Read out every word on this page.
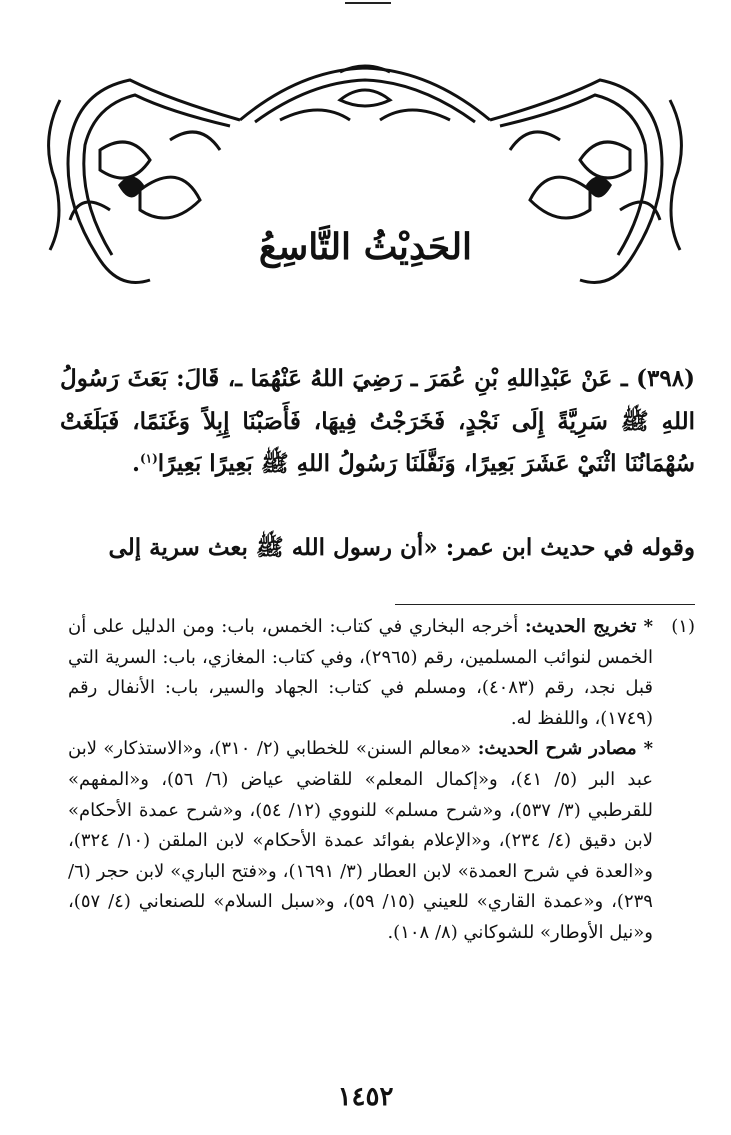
الحَدِيْثُ التَّاسِعُ
(٣٩٨) ـ عَنْ عَبْدِاللهِ بْنِ عُمَرَ ـ رَضِيَ اللهُ عَنْهُمَا ـ، قَالَ: بَعَثَ رَسُولُ اللهِ ﷺ سَرِيَّةً إِلَى نَجْدٍ، فَخَرَجْتُ فِيهَا، فَأَصَبْنَا إِبِلاً وَغَنَمًا، فَبَلَغَتْ سُهْمَانُنَا اثْنَيْ عَشَرَ بَعِيرًا، وَنَفَّلَنَا رَسُولُ اللهِ ﷺ بَعِيرًا بَعِيرًا$^{(١)}$.
وقوله في حديث ابن عمر: «أن رسول الله ﷺ بعث سرية إلى
(١)

* تخريج الحديث: أخرجه البخاري في كتاب: الخمس، باب: ومن الدليل على أن الخمس لنوائب المسلمين، رقم (٢٩٦٥)، وفي كتاب: المغازي، باب: السرية التي قبل نجد، رقم (٤٠٨٣)، ومسلم في كتاب: الجهاد والسير، باب: الأنفال رقم (١٧٤٩)، واللفظ له.

* مصادر شرح الحديث: «معالم السنن» للخطابي (٢/ ٣١٠)، و«الاستذكار» لابن عبد البر (٥/ ٤١)، و«إكمال المعلم» للقاضي عياض (٦/ ٥٦)، و«المفهم» للقرطبي (٣/ ٥٣٧)، و«شرح مسلم» للنووي (١٢/ ٥٤)، و«شرح عمدة الأحكام» لابن دقيق (٤/ ٢٣٤)، و«الإعلام بفوائد عمدة الأحكام» لابن الملقن (١٠/ ٣٢٤)، و«العدة في شرح العمدة» لابن العطار (٣/ ١٦٩١)، و«فتح الباري» لابن حجر (٦/ ٢٣٩)، و«عمدة القاري» للعيني (١٥/ ٥٩)، و«سبل السلام» للصنعاني (٤/ ٥٧)، و«نيل الأوطار» للشوكاني (٨/ ١٠٨).

١٤٥٢
